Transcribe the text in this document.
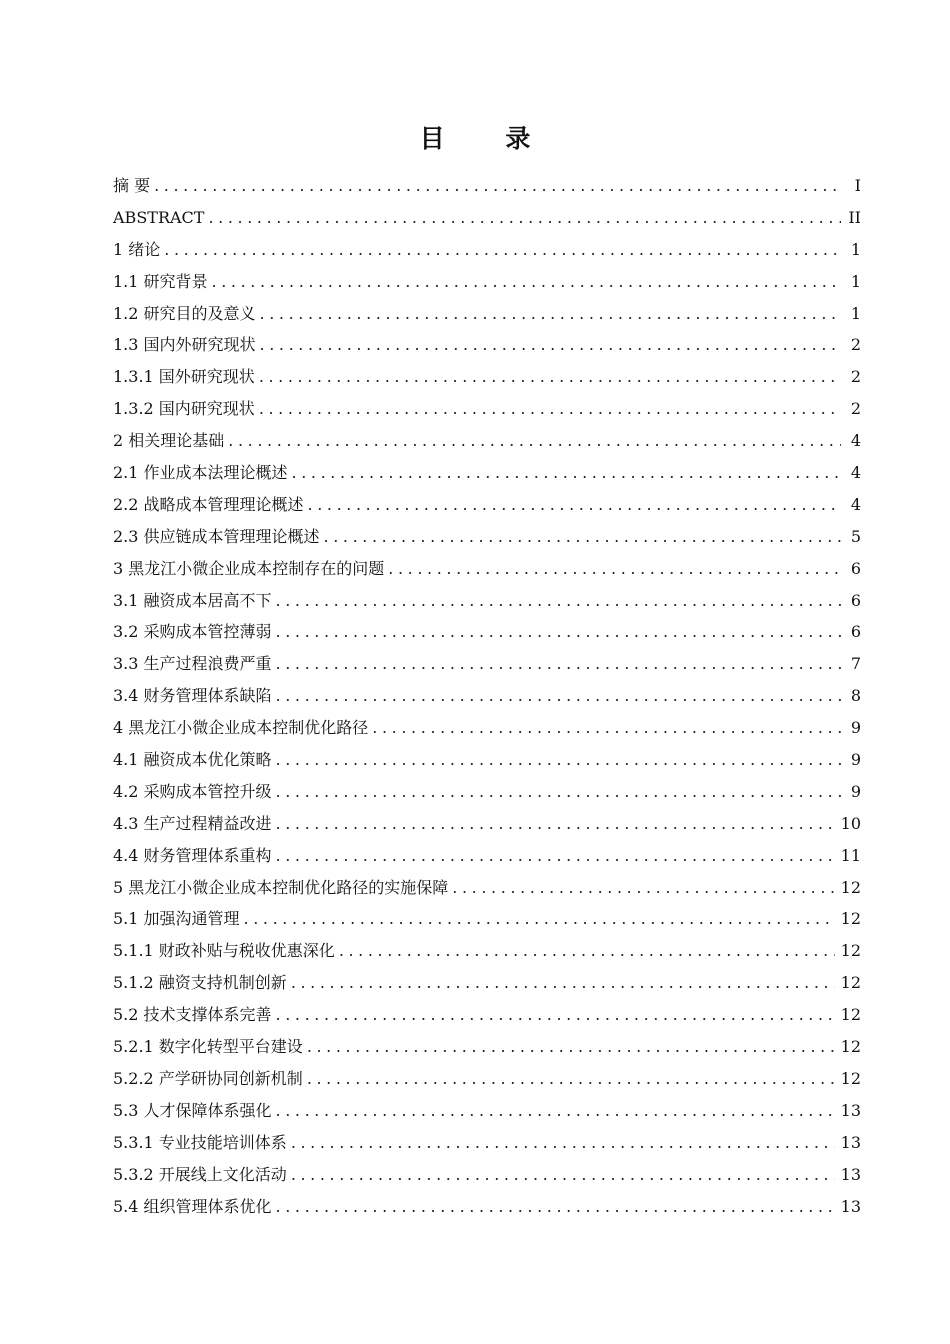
目 录
摘 要 .....	I
ABSTRACT .....	II
1 绪论 .....	1
1.1 研究背景 .....	1
1.2 研究目的及意义 .....	1
1.3 国内外研究现状 .....	2
1.3.1 国外研究现状 .....	2
1.3.2 国内研究现状 .....	2
2 相关理论基础 .....	4
2.1 作业成本法理论概述 .....	4
2.2 战略成本管理理论概述 .....	4
2.3 供应链成本管理理论概述 .....	5
3 黑龙江小微企业成本控制存在的问题 .....	6
3.1 融资成本居高不下 .....	6
3.2 采购成本管控薄弱 .....	6
3.3 生产过程浪费严重 .....	7
3.4 财务管理体系缺陷 .....	8
4 黑龙江小微企业成本控制优化路径 .....	9
4.1 融资成本优化策略 .....	9
4.2 采购成本管控升级 .....	9
4.3 生产过程精益改进 .....	10
4.4 财务管理体系重构 .....	11
5 黑龙江小微企业成本控制优化路径的实施保障 .....	12
5.1 加强沟通管理 .....	12
5.1.1 财政补贴与税收优惠深化 .....	12
5.1.2 融资支持机制创新 .....	12
5.2 技术支撑体系完善 .....	12
5.2.1 数字化转型平台建设 .....	12
5.2.2 产学研协同创新机制 .....	12
5.3 人才保障体系强化 .....	13
5.3.1 专业技能培训体系 .....	13
5.3.2 开展线上文化活动 .....	13
5.4 组织管理体系优化 .....	13
